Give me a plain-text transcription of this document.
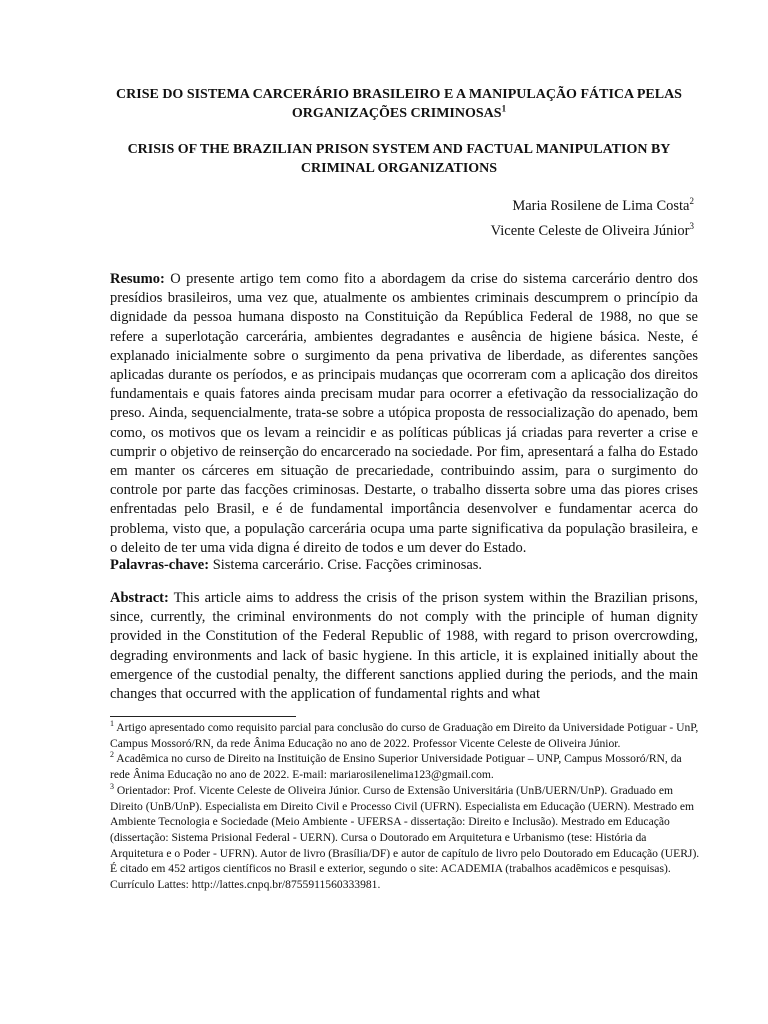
CRISE DO SISTEMA CARCERÁRIO BRASILEIRO E A MANIPULAÇÃO FÁTICA PELAS ORGANIZAÇÕES CRIMINOSAS$^1$

CRISIS OF THE BRAZILIAN PRISON SYSTEM AND FACTUAL MANIPULATION BY CRIMINAL ORGANIZATIONS

Maria Rosilene de Lima Costa$^2$

Vicente Celeste de Oliveira Júnior$^3$

Resumo: O presente artigo tem como fito a abordagem da crise do sistema carcerário dentro dos presídios brasileiros, uma vez que, atualmente os ambientes criminais descumprem o princípio da dignidade da pessoa humana disposto na Constituição da República Federal de 1988, no que se refere a superlotação carcerária, ambientes degradantes e ausência de higiene básica. Neste, é explanado inicialmente sobre o surgimento da pena privativa de liberdade, as diferentes sanções aplicadas durante os períodos, e as principais mudanças que ocorreram com a aplicação dos direitos fundamentais e quais fatores ainda precisam mudar para ocorrer a efetivação da ressocialização do preso. Ainda, sequencialmente, trata-se sobre a utópica proposta de ressocialização do apenado, bem como, os motivos que os levam a reincidir e as políticas públicas já criadas para reverter a crise e cumprir o objetivo de reinserção do encarcerado na sociedade. Por fim, apresentará a falha do Estado em manter os cárceres em situação de precariedade, contribuindo assim, para o surgimento do controle por parte das facções criminosas. Destarte, o trabalho disserta sobre uma das piores crises enfrentadas pelo Brasil, e é de fundamental importância desenvolver e fundamentar acerca do problema, visto que, a população carcerária ocupa uma parte significativa da população brasileira, e o deleito de ter uma vida digna é direito de todos e um dever do Estado.

Palavras-chave: Sistema carcerário. Crise. Facções criminosas.

Abstract: This article aims to address the crisis of the prison system within the Brazilian prisons, since, currently, the criminal environments do not comply with the principle of human dignity provided in the Constitution of the Federal Republic of 1988, with regard to prison overcrowding, degrading environments and lack of basic hygiene. In this article, it is explained initially about the emergence of the custodial penalty, the different sanctions applied during the periods, and the main changes that occurred with the application of fundamental rights and what

$^1$ Artigo apresentado como requisito parcial para conclusão do curso de Graduação em Direito da Universidade Potiguar - UnP, Campus Mossoró/RN, da rede Ânima Educação no ano de 2022. Professor Vicente Celeste de Oliveira Júnior.

$^2$ Acadêmica no curso de Direito na Instituição de Ensino Superior Universidade Potiguar – UNP, Campus Mossoró/RN, da rede Ânima Educação no ano de 2022. E-mail: mariarosilenelima123@gmail.com.

$^3$ Orientador: Prof. Vicente Celeste de Oliveira Júnior. Curso de Extensão Universitária (UnB/UERN/UnP). Graduado em Direito (UnB/UnP). Especialista em Direito Civil e Processo Civil (UFRN). Especialista em Educação (UERN). Mestrado em Ambiente Tecnologia e Sociedade (Meio Ambiente - UFERSA - dissertação: Direito e Inclusão). Mestrado em Educação (dissertação: Sistema Prisional Federal - UERN). Cursa o Doutorado em Arquitetura e Urbanismo (tese: História da Arquitetura e o Poder - UFRN). Autor de livro (Brasília/DF) e autor de capítulo de livro pelo Doutorado em Educação (UERJ). É citado em 452 artigos científicos no Brasil e exterior, segundo o site: ACADEMIA (trabalhos acadêmicos e pesquisas). Currículo Lattes: http://lattes.cnpq.br/8755911560333981.
